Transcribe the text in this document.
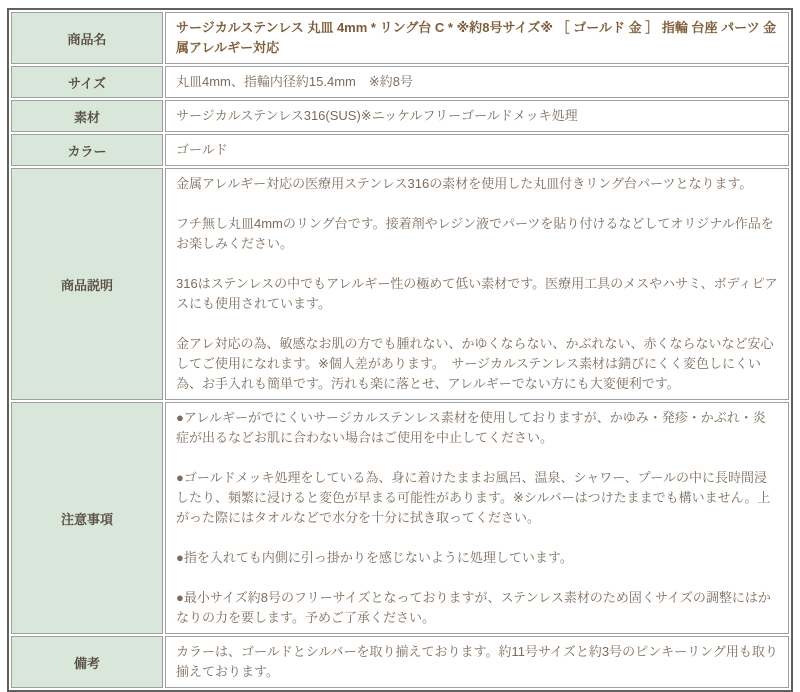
商品名	サージカルステンレス 丸皿 4mm * リング台 C * ※約8号サイズ※ ［ ゴールド 金 ］ 指輪 台座 パーツ 金属アレルギー対応

サイズ	丸皿4mm、指輪内径約15.4mm　※約8号

素材	サージカルステンレス316(SUS)※ニッケルフリーゴールドメッキ処理

カラー	ゴールド

商品説明	金属アレルギー対応の医療用ステンレス316の素材を使用した丸皿付きリング台パーツとなります。

フチ無し丸皿4mmのリング台です。接着剤やレジン液でパーツを貼り付けるなどしてオリジナル作品をお楽しみください。

316はステンレスの中でもアレルギー性の極めて低い素材です。医療用工具のメスやハサミ、ボディピアスにも使用されています。

金アレ対応の為、敏感なお肌の方でも腫れない、かゆくならない、かぶれない、赤くならないなど安心してご使用になれます。※個人差があります。　サージカルステンレス素材は錆びにくく変色しにくい為、お手入れも簡単です。汚れも楽に落とせ、アレルギーでない方にも大変便利です。

注意事項	●アレルギーがでにくいサージカルステンレス素材を使用しておりますが、かゆみ・発疹・かぶれ・炎症が出るなどお肌に合わない場合はご使用を中止してください。

●ゴールドメッキ処理をしている為、身に着けたままお風呂、温泉、シャワー、プールの中に長時間浸したり、頻繁に浸けると変色が早まる可能性があります。※シルバーはつけたままでも構いません。上がった際にはタオルなどで水分を十分に拭き取ってください。

●指を入れても内側に引っ掛かりを感じないように処理しています。

●最小サイズ約8号のフリーサイズとなっておりますが、ステンレス素材のため固くサイズの調整にはかなりの力を要します。予めご了承ください。

備考	カラーは、ゴールドとシルバーを取り揃えております。約11号サイズと約3号のピンキーリング用も取り揃えております。
